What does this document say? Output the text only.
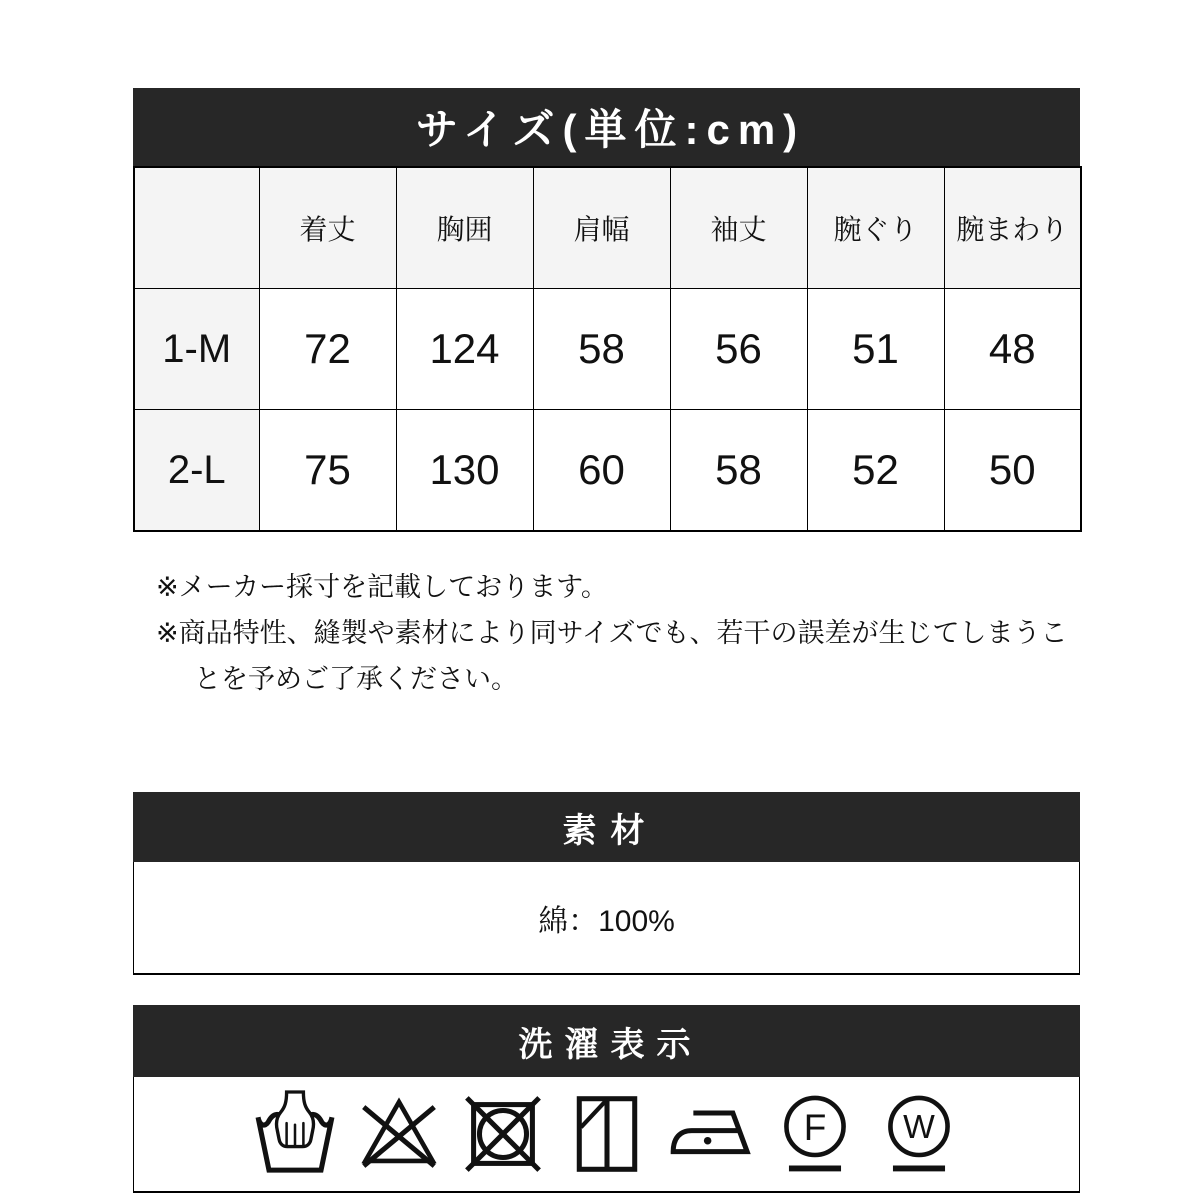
サイズ(単位:cm)
	着丈	胸囲	肩幅	袖丈	腕ぐり	腕まわり
1-M	72	124	58	56	51	48
2-L	75	130	60	58	52	50

※メーカー採寸を記載しております。

※商品特性、縫製や素材により同サイズでも、若干の誤差が生じてしまうことを予めご了承ください。

素材
綿：100%
洗濯表示
F W
